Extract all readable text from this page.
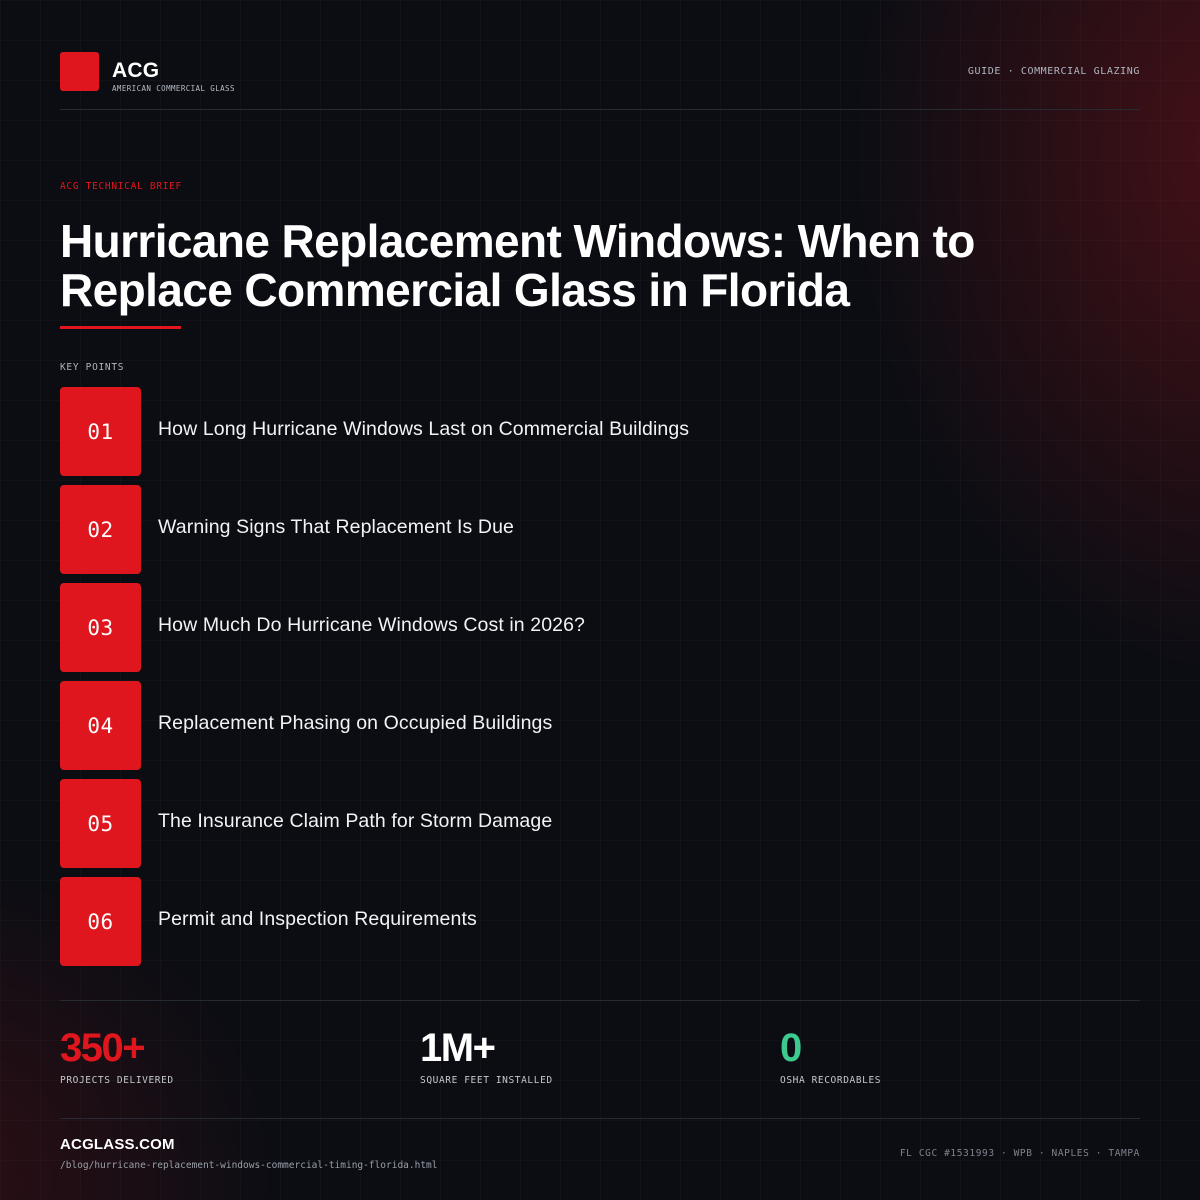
ACG
AMERICAN COMMERCIAL GLASS
GUIDE · COMMERCIAL GLAZING
ACG TECHNICAL BRIEF
Hurricane Replacement Windows: When to Replace Commercial Glass in Florida
KEY POINTS
01	How Long Hurricane Windows Last on Commercial Buildings
02	Warning Signs That Replacement Is Due
03	How Much Do Hurricane Windows Cost in 2026?
04	Replacement Phasing on Occupied Buildings
05	The Insurance Claim Path for Storm Damage
06	Permit and Inspection Requirements
350+
PROJECTS DELIVERED
1M+
SQUARE FEET INSTALLED
0
OSHA RECORDABLES
ACGLASS.COM
/blog/hurricane-replacement-windows-commercial-timing-florida.html
FL CGC #1531993 · WPB · NAPLES · TAMPA
